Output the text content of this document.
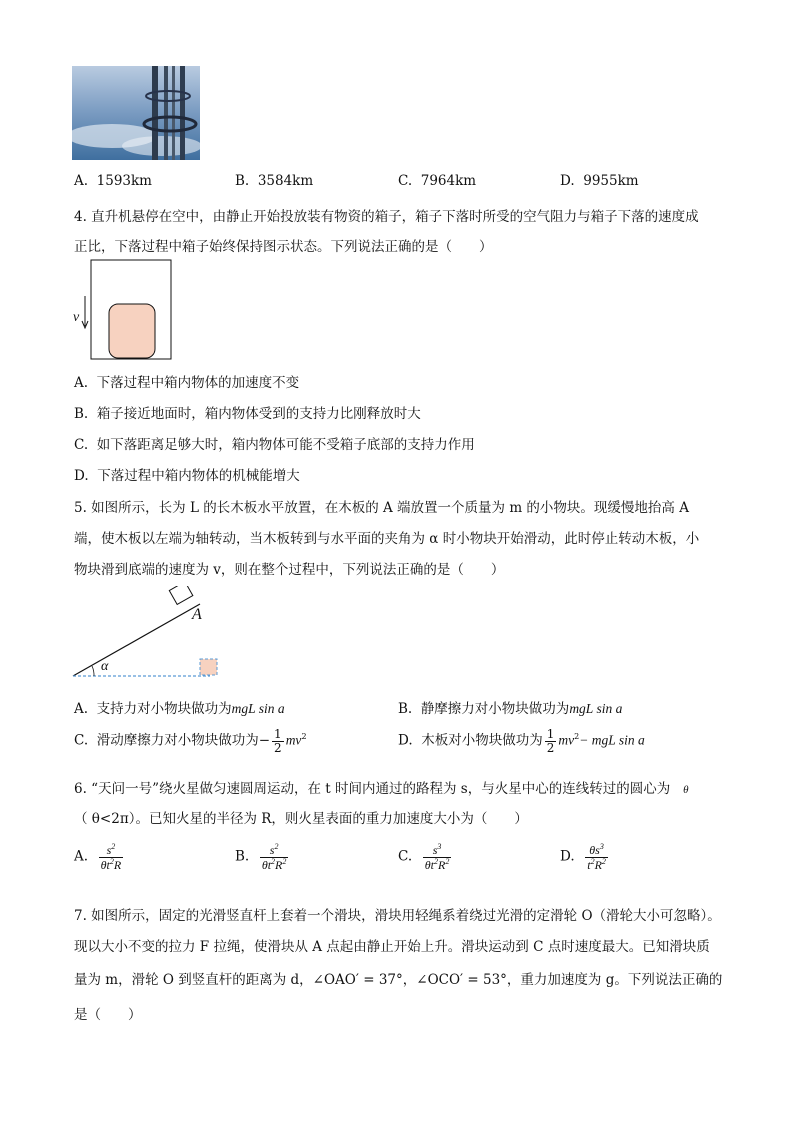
A. 1593km	B. 3584km	C. 7964km	D. 9955km
4. 直升机悬停在空中，由静止开始投放装有物资的箱子，箱子下落时所受的空气阻力与箱子下落的速度成
正比，下落过程中箱子始终保持图示状态。下列说法正确的是（　　）
v
A. 下落过程中箱内物体的加速度不变
B. 箱子接近地面时，箱内物体受到的支持力比刚释放时大
C. 如下落距离足够大时，箱内物体可能不受箱子底部的支持力作用
D. 下落过程中箱内物体的机械能增大
5. 如图所示，长为 L 的长木板水平放置，在木板的 A 端放置一个质量为 m 的小物块。现缓慢地抬高 A
端，使木板以左端为轴转动，当木板转到与水平面的夹角为 α 时小物块开始滑动，此时停止转动木板，小
物块滑到底端的速度为 v，则在整个过程中，下列说法正确的是（　　）
A
α
A. 支持力对小物块做功为mgL sin a	B. 静摩擦力对小物块做功为mgL sin a
C. 滑动摩擦力对小物块做功为− $\frac{1}{2} mv^2$	D. 木板对小物块做功为 $\frac{1}{2} mv^2-$ mgL sin a
6. “天问一号”绕火星做匀速圆周运动，在 t 时间内通过的路程为 s，与火星中心的连线转过的圆心为 θ
（ θ<2π）。已知火星的半径为 R，则火星表面的重力加速度大小为（　　）
A. $\frac{s^2}{\theta t^2R}$	B. $\frac{s^2}{\theta t^2R^2}$	C. $\frac{s^3}{\theta t^2R^2}$	D. $\frac{\theta s^3}{t^2R^2}$
7. 如图所示，固定的光滑竖直杆上套着一个滑块，滑块用轻绳系着绕过光滑的定滑轮 O（滑轮大小可忽略）。
现以大小不变的拉力 F 拉绳，使滑块从 A 点起由静止开始上升。滑块运动到 C 点时速度最大。已知滑块质
量为 m，滑轮 O 到竖直杆的距离为 d，∠OAO′ = 37°，∠OCO′ = 53°，重力加速度为 g。下列说法正确的
是（　　）
